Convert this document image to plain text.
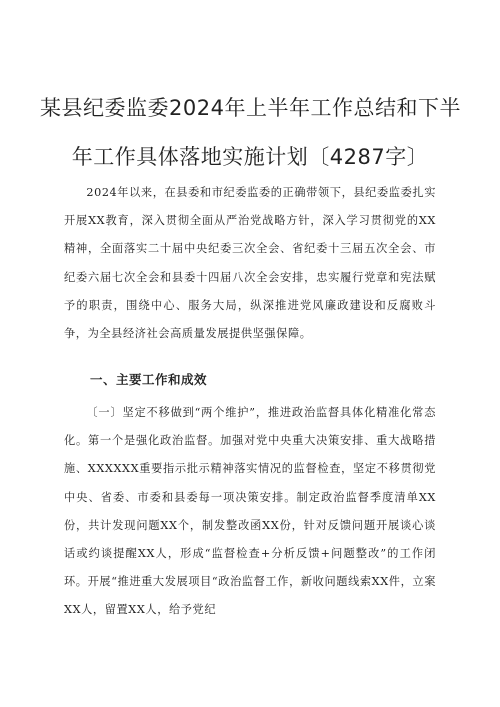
某县纪委监委2024年上半年工作总结和下半
年工作具体落地实施计划〔4287字〕

2024年以来，在县委和市纪委监委的正确带领下，县纪委监委扎实开展XX教育，深入贯彻全面从严治党战略方针，深入学习贯彻党的XX精神，全面落实二十届中央纪委三次全会、省纪委十三届五次全会、市纪委六届七次全会和县委十四届八次全会安排，忠实履行党章和宪法赋予的职责，围绕中心、服务大局，纵深推进党风廉政建设和反腐败斗争，为全县经济社会高质量发展提供坚强保障。

一、主要工作和成效

〔一〕坚定不移做到“两个维护”，推进政治监督具体化精准化常态化。第一个是强化政治监督。加强对党中央重大决策安排、重大战略措施、XXXXXX重要指示批示精神落实情况的监督检查，坚定不移贯彻党中央、省委、市委和县委每一项决策安排。制定政治监督季度清单XX份，共计发现问题XX个，制发整改函XX份，针对反馈问题开展谈心谈话或约谈提醒XX人，形成“监督检查+分析反馈+问题整改”的工作闭环。开展“推进重大发展项目“政治监督工作，新收问题线索XX件，立案XX人，留置XX人，给予党纪
